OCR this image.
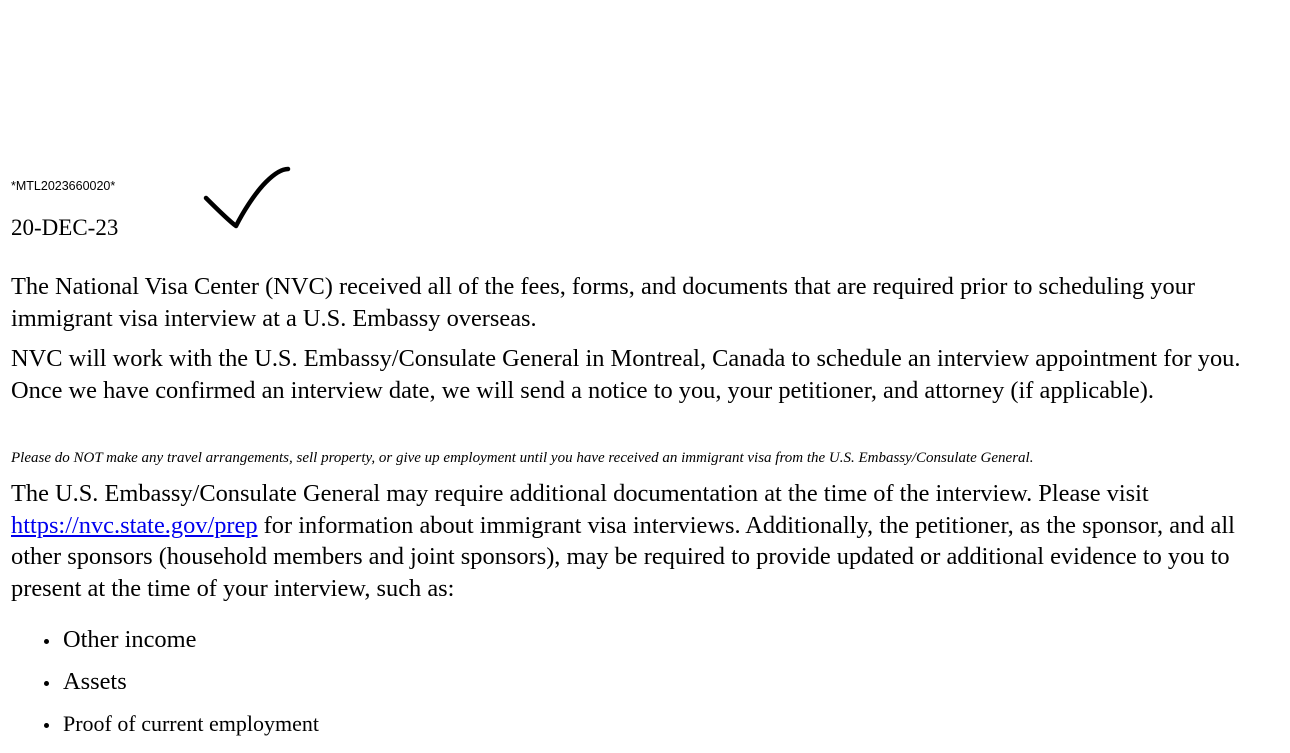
*MTL2023660020*
20-DEC-23

The National Visa Center (NVC) received all of the fees, forms, and documents that are required prior to scheduling your immigrant visa interview at a U.S. Embassy overseas.

NVC will work with the U.S. Embassy/Consulate General in Montreal, Canada to schedule an interview appointment for you. Once we have confirmed an interview date, we will send a notice to you, your petitioner, and attorney (if applicable).

Please do NOT make any travel arrangements, sell property, or give up employment until you have received an immigrant visa from the U.S. Embassy/Consulate General.

The U.S. Embassy/Consulate General may require additional documentation at the time of the interview. Please visit https://nvc.state.gov/prep for information about immigrant visa interviews. Additionally, the petitioner, as the sponsor, and all other sponsors (household members and joint sponsors), may be required to provide updated or additional evidence to you to present at the time of your interview, such as:

Other income
Assets
Proof of current employment
